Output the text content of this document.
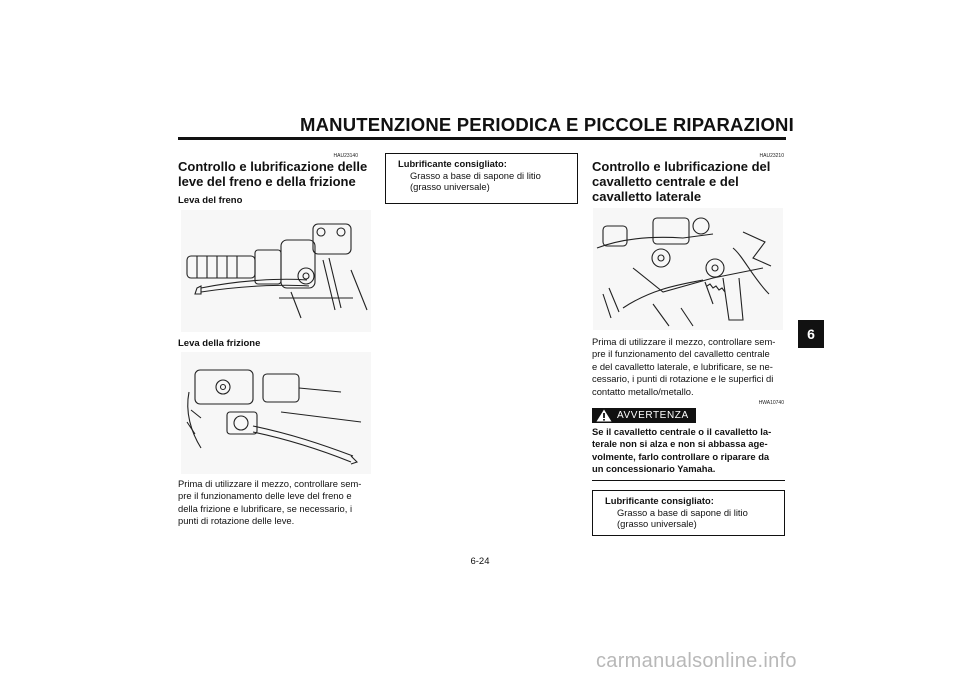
MANUTENZIONE PERIODICA E PICCOLE RIPARAZIONI
6
HAU23140
Controllo e lubrificazione delle
leve del freno e della frizione
Leva del freno
Leva della frizione

Prima di utilizzare il mezzo, controllare sem-

pre il funzionamento delle leve del freno e

della frizione e lubrificare, se necessario, i

punti di rotazione delle leve.

Lubrificante consigliato:
Grasso a base di sapone di litio
(grasso universale)
HAU23210
Controllo e lubrificazione del
cavalletto centrale e del
cavalletto laterale

Prima di utilizzare il mezzo, controllare sem-

pre il funzionamento del cavalletto centrale

e del cavalletto laterale, e lubrificare, se ne-

cessario, i punti di rotazione e le superfici di

contatto metallo/metallo.

HWA10740
AVVERTENZA

Se il cavalletto centrale o il cavalletto la-

terale non si alza e non si abbassa age-

volmente, farlo controllare o riparare da

un concessionario Yamaha.

Lubrificante consigliato:
Grasso a base di sapone di litio
(grasso universale)
6-24
carmanualsonline.info
